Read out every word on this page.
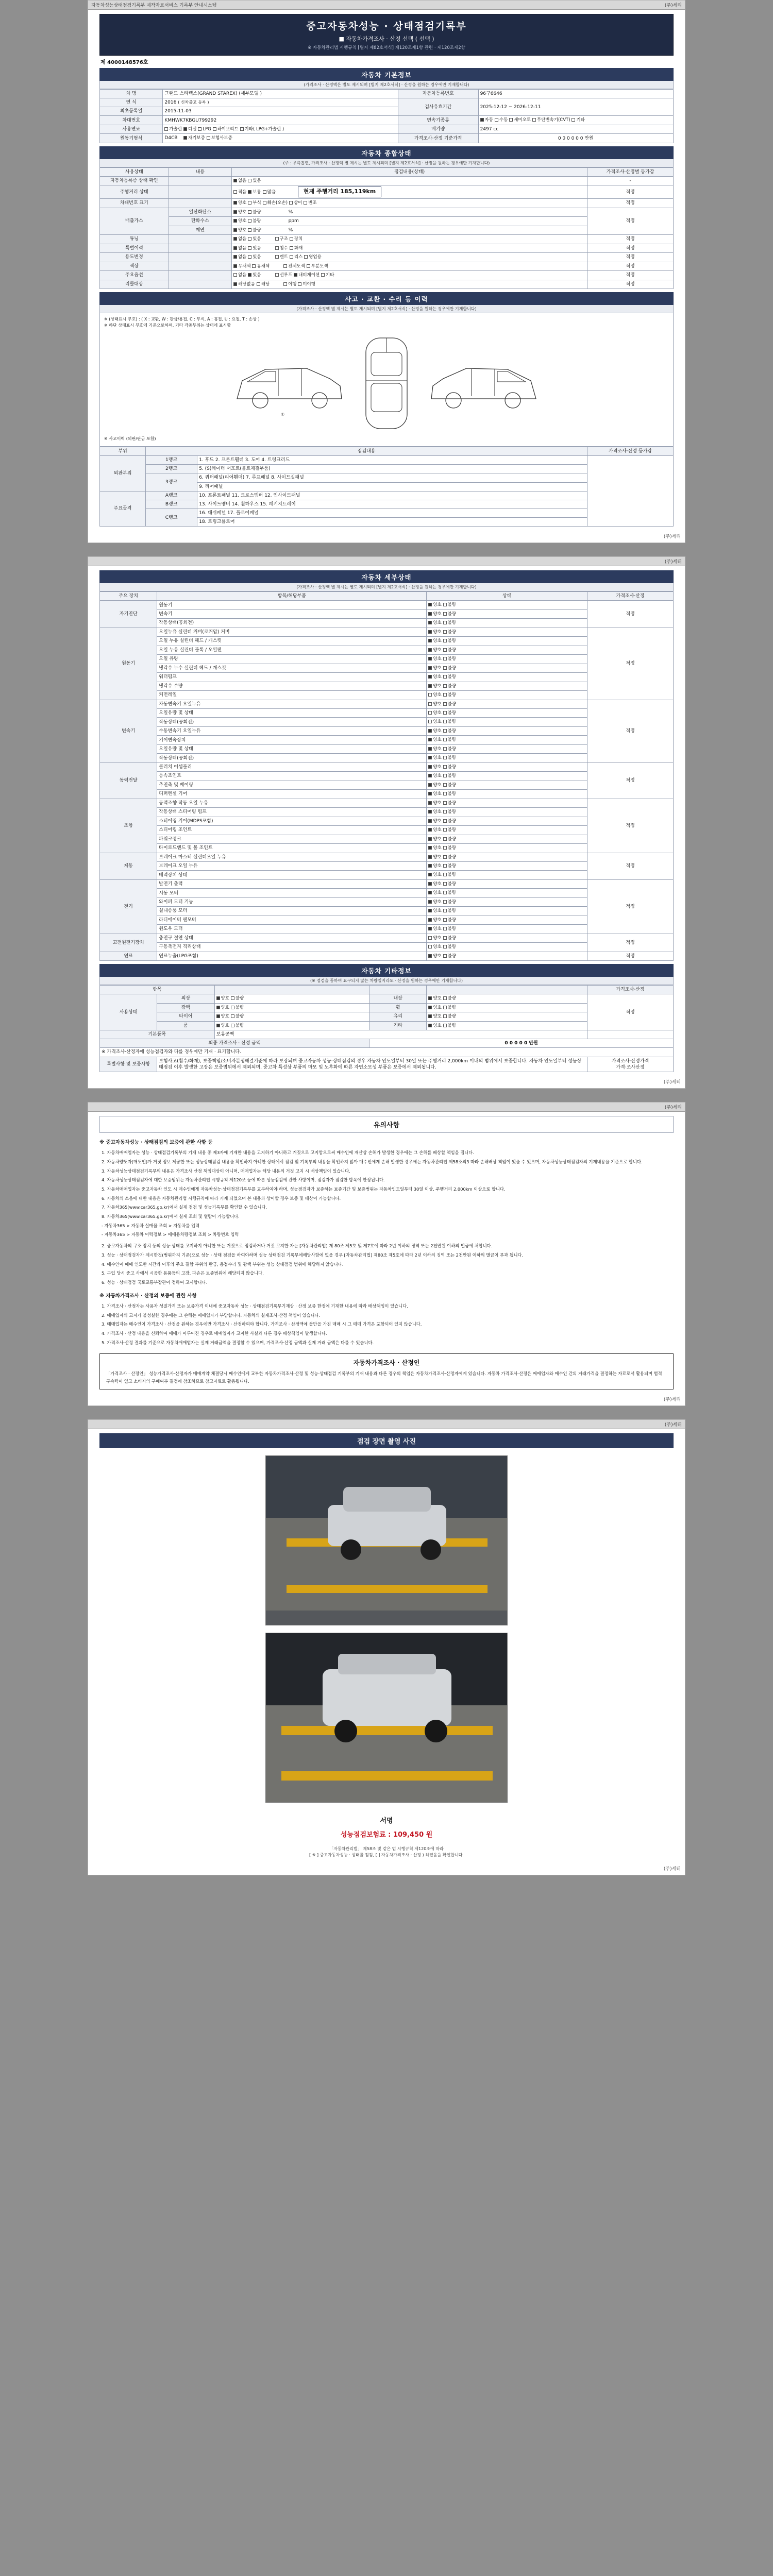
자동차성능상태점검기록부 제작자료서비스 기록부 안내시스템	(주)세티
중고자동차성능 · 상태점검기록부
■ 자동차가격조사 · 산정 선택 ( 선택 )
※ 자동차관리법 시행규칙 [별지 제82호서식] 제120조제1항 관련 · 제120조제2항
제 4000148576호
자동차 기본정보
(가격조사 · 산정액은 별도 제시되며 [별지 제2호서식] · 산정을 원하는 경우에만 기재합니다)
차 명	그랜드 스타렉스(GRAND STAREX) (세부모델 )	자동차등록번호	96구6646
연 식	2016 ( 신차출고 등록 )	검사유효기간	2025-12-12 ~ 2026-12-11
최초등록일	2015-11-03		
차대번호	KMHWK7KBGU799292	변속기종류	자동 수동 세미오토 무단변속기(CVT) 기타
사용연료	가솔린 디젤 LPG 하이브리드 기타( LPG+가솔린 )	배기량	2497 cc
원동기형식	D4CB 자기보증 보험사보증	가격조사·산정 기준가격	0 0 0 0 0 0 만원
자동차 종합상태
(주 : 우측흡연, 가격조사 · 산정액 별 제시는 별도 제시되며 [별지 제2호서식] · 산정을 원하는 경우에만 기재합니다)
사용상태	내용	점검내용(상태)	가격조사·산정별 등가감
자동차등록증 상태 확인		없음 있음	-
주행거리 상태		적음 보통 많음 현재 주행거리 185,119km	적정
차대번호 표기		양호 부식 훼손(오손) 상이 변조	적정
배출가스	일산화탄소	양호 불량 %	적정
	탄화수소	양호 불량 ppm	
	매연	양호 불량 %	
튜닝		없음 있음 구조 장치	적정
특별이력		없음 있음 침수 화재	적정
용도변경		없음 있음 렌트 리스 영업용	적정
색상		무채색 유채색 전체도색 부분도색	적정
주요옵션		없음 있음 선루프 내비게이션 기타	적정
리콜대상		해당없음 해당 이행 미이행	적정
사고 · 교환 · 수리 등 이력
(가격조사 · 산정액 별 제시는 별도 제시되며 [별지 제2호서식] · 산정을 원하는 경우에만 기재합니다)
※ (상태표시 부호) : ( X : 교환, W : 판금/용접, C : 부식, A : 흠집, U : 요철, T : 손상 )
※ 하단 상태표시 부호에 기준으로하며, 기타 각종부위는 상태에 표시함
①
※ 사고이력 (외판/판금 포함)
부위	점검내용		가격조사·산정 등가감
외판부위	1랭크	1. 후드 2. 프론트휀더 3. 도어 4. 트렁크리드	
	2랭크	5. (S)레이터 서포트(볼트체결부품)	
	3랭크	6. 쿼터패널(리어휀더) 7. 루프패널 8. 사이드실패널	
		9. 리어패널	
주요골격	A랭크	10. 프론트패널 11. 크로스멤버 12. 인사이드패널	
	B랭크	13. 사이드멤버 14. 휠하우스 15. 패키지트레이	
	C랭크	16. 대쉬패널 17. 플로어패널	
		18. 트렁크플로어	
(주)세티
(주)세티
자동차 세부상태
(가격조사 · 산정액 별 제시는 별도 제시되며 [별지 제2호서식] · 산정을 원하는 경우에만 기재합니다)
주요 장치	항목/해당부품	상태	가격조사·산정
자기진단	원동기	양호 불량	적정
	변속기	양호 불량	
	작동상태(공회전)	양호 불량	
원동기	오일누유 실린더 커버(로커암) 커버	양호 불량	적정
	오일 누유 실린더 헤드 / 개스킷	양호 불량	
	오일 누유 실린더 블록 / 오일팬	양호 불량	
	오일 유량	양호 불량	
	냉각수 누수 실린더 헤드 / 개스킷	양호 불량	
	워터펌프	양호 불량	
	냉각수 수량	양호 불량	
	커먼레일	양호 불량	
변속기	자동변속기 오일누유	양호 불량	적정
	오일유량 및 상태	양호 불량	
	작동상태(공회전)	양호 불량	
	수동변속기 오일누유	양호 불량	
	기어변속장치	양호 불량	
	오일유량 및 상태	양호 불량	
	작동상태(공회전)	양호 불량	
동력전달	클러치 어셈블리	양호 불량	적정
	등속조인트	양호 불량	
	추진축 및 베어링	양호 불량	
	디퍼렌셜 기어	양호 불량	
조향	동력조향 작동 오일 누유	양호 불량	적정
	작동상태 스티어링 펌프	양호 불량	
	스티어링 기어(MDPS포함)	양호 불량	
	스티어링 조인트	양호 불량	
	파워크랭크	양호 불량	
	타이로드엔드 및 볼 조인트	양호 불량	
제동	브레이크 마스터 실린더오일 누유	양호 불량	적정
	브레이크 오일 누유	양호 불량	
	배력장치 상태	양호 불량	
전기	발전기 출력	양호 불량	적정
	시동 모터	양호 불량	
	와이퍼 모터 기능	양호 불량	
	실내송풍 모터	양호 불량	
	라디에이터 팬모터	양호 불량	
	윈도우 모터	양호 불량	
고전원전기장치	충전구 절연 상태	양호 불량	적정
	구동축전지 격리상태	양호 불량	
연료	연료누출(LPG포함)	양호 불량	적정
자동차 기타정보
(※ 점검을 통하여 요구되지 않는 차량일지라도 · 산정을 원하는 경우에만 기재합니다)
항목					가격조사·산정
사용상태	외장	양호 불량	내장	양호 불량	적정
	광택	양호 불량	휠	양호 불량	
	타이어	양호 불량	유리	양호 불량	
	룸	양호 불량	기타	양호 불량	
기본품목		보유공백			
최종 가격조사 · 산정 금액			0 0 0 0 0 만원		
※ 가격조사·산정자에 성능점검자와 다를 경우에만 기재 · 표기합니다.					
특별사항 및 보증사항	보험사고(침수/화재), 보증책임/소비자분쟁해결기준에 따라 보장되며 중고자동차 성능·상태점검의 경우 자동차 인도일부터 30일 또는 주행거리 2,000km 이내의 범위에서 보증합니다. 자동차 인도일부터 성능상태점검 이후 발생한 고장은 보증범위에서 제외되며, 중고차 특성상 부품의 마모 및 노후화에 따른 자연소모성 부품은 보증에서 제외됩니다.				가격조사·산정가격
가격·조사산정
(주)세티
(주)세티
유의사항
※ 중고자동차성능 · 상태점검의 보증에 관한 사항 등
1. 자동차매매업자는 성능 · 상태점검기록부의 기재 내용 중 제3자에 기재한 내용을 고지하기 아니하고 거짓으로 고지함으로써 매수인에 재산상 손해가 발생한 경우에는 그 손해를 배상할 책임을 집니다.
2. 자동차양도자(매도인)가 거짓 정보 제공한 또는 성능상태점검 내용을 확인하지 아니한 상태에서 점검 및 기록부의 내용을 확인하지 않아 매수인에게 손해 발생한 경우에는 자동차관리법 제58조의3 따라 손해배상 책임이 있을 수 있으며, 자동차성능상태점검자의 기재내용을 기준으로 합니다.
3. 자동차성능상태점검기록부의 내용은 가격조사·산정 책임대상이 아니며, 매매업자는 해당 내용의 거짓 고지 시 배상책임이 있습니다.
4. 자동차성능상태점검자에 대한 보증범위는 자동차관리법 시행규칙 제120조 등에 따른 성능점검에 관한 사항이며, 점검자가 점검한 항목에 한정됩니다.
5. 자동차매매업자는 중고자동차 인도 시 매수인에게 자동차성능·상태점검기록부를 교부하여야 하며, 성능점검자가 보증하는 보증기간 및 보증범위는 자동차인도일부터 30일 이상, 주행거리 2,000km 이상으로 합니다.
6. 자동차의 소음에 대한 내용은 자동차관리법 시행규칙에 따라 기재 되었으며 본 내용과 상이할 경우 보증 및 배상이 가능합니다.
7. 자동차365(www.car365.go.kr)에서 실제 점검 및 성능기록부를 확인할 수 있습니다.
8. 자동차365(www.car365.go.kr)에서 실제 조회 및 열람이 가능합니다.
- 자동차365 > 자동차 실매물 조회 > 자동차를 입력
- 자동차365 > 자동차 이력정보 > 매매용차량정보 조회 > 차량번호 입력
2. 중고자동차의 구조·장치 등의 성능·상태를 고지하지 아니한 또는 거짓으로 점검하거나 거짓 고지한 자는 [자동차관리법] 제 80조 제5호 및 제7호에 따라 2년 이하의 징역 또는 2천만원 이하의 벌금에 처합니다.
3. 성능 · 상태점검자가 제시한것(범위까지 기준)으로 성능 · 상태 점검을 하여야하며 성능 상태점검 기록부에해당사항에 없을 경우 [자동차관리법] 제80조 제5호에 따라 2년 이하의 징역 또는 2천만원 이하의 벌금이 부과 됩니다.
4. 매수인이 매매 인도한 시간과 이후의 주요 결함 부위의 판금, 용접수리 및 광택 부위는 성능 상태점검 범위에 해당하지 않습니다.
5. 구입 당시 중고 사에서 시공한 용품등의 고장, 파손은 보증범위에 해당되지 않습니다.
6. 성능 · 상태점검 국토교통부장관이 정하여 고시합니다.
※ 자동차가격조사 · 산정의 보증에 관한 사항
1. 가격조사 · 산정자는 사용자 성질가격 또는 보증가격 이내에 중고자동차 성능 · 상태점검기록부기재상 · 산정 보증 한정에 기재한 내용에 따라 배상책임이 있습니다.
2. 매매업자의 고지가 불성실한 경우에는 그 손해는 매매업자가 부담합니다. 자동차의 실제조사·산정 책임이 있습니다.
3. 매매업자는 매수인이 가격조사 · 산정을 원하는 경우에만 가격조사 · 산정하여야 합니다. 가격조사 · 산정액에 불만을 가진 매매 시 그 매매 가격은 포함되어 있지 않습니다.
4. 가격조사 · 산정 내용을 신뢰하여 매매가 이루어진 경우로 매매업자가 고지한 사실과 다른 경우 배상책임이 발생합니다.
5. 가격조사·산정 결과를 기준으로 자동차매매업자는 실제 거래금액을 결정할 수 있으며, 가격조사·산정 금액과 실제 거래 금액은 다를 수 있습니다.
자동차가격조사 · 산정인
「가격조사 · 산정인」 성능가격조사·산정자가 매매계약 체결당시 매수인에게 교부한 자동차가격조사·산정 및 성능·상태점검 기록부의 기재 내용과 다른 경우의 책임은 자동차가격조사·산정자에게 있습니다. 자동차 가격조사·산정은 매매업자와 매수인 간의 거래가격을 결정하는 자료로서 활용되며 법적 구속력이 없고 소비자의 구매여부 결정에 참조하므로 참고자료로 활용됩니다.
(주)세티
(주)세티
점검 장면 촬영 사진
서명
성능점검보험료 : 109,450 원
「자동차관리법」 제58조 및 같은 법 시행규칙 제120조에 따라
[ ※ ] 중고자동차성능 · 상태를 점검, [ ] 자동차가격조사 · 산정 ) 하였음을 확인합니다.
(주)세티
